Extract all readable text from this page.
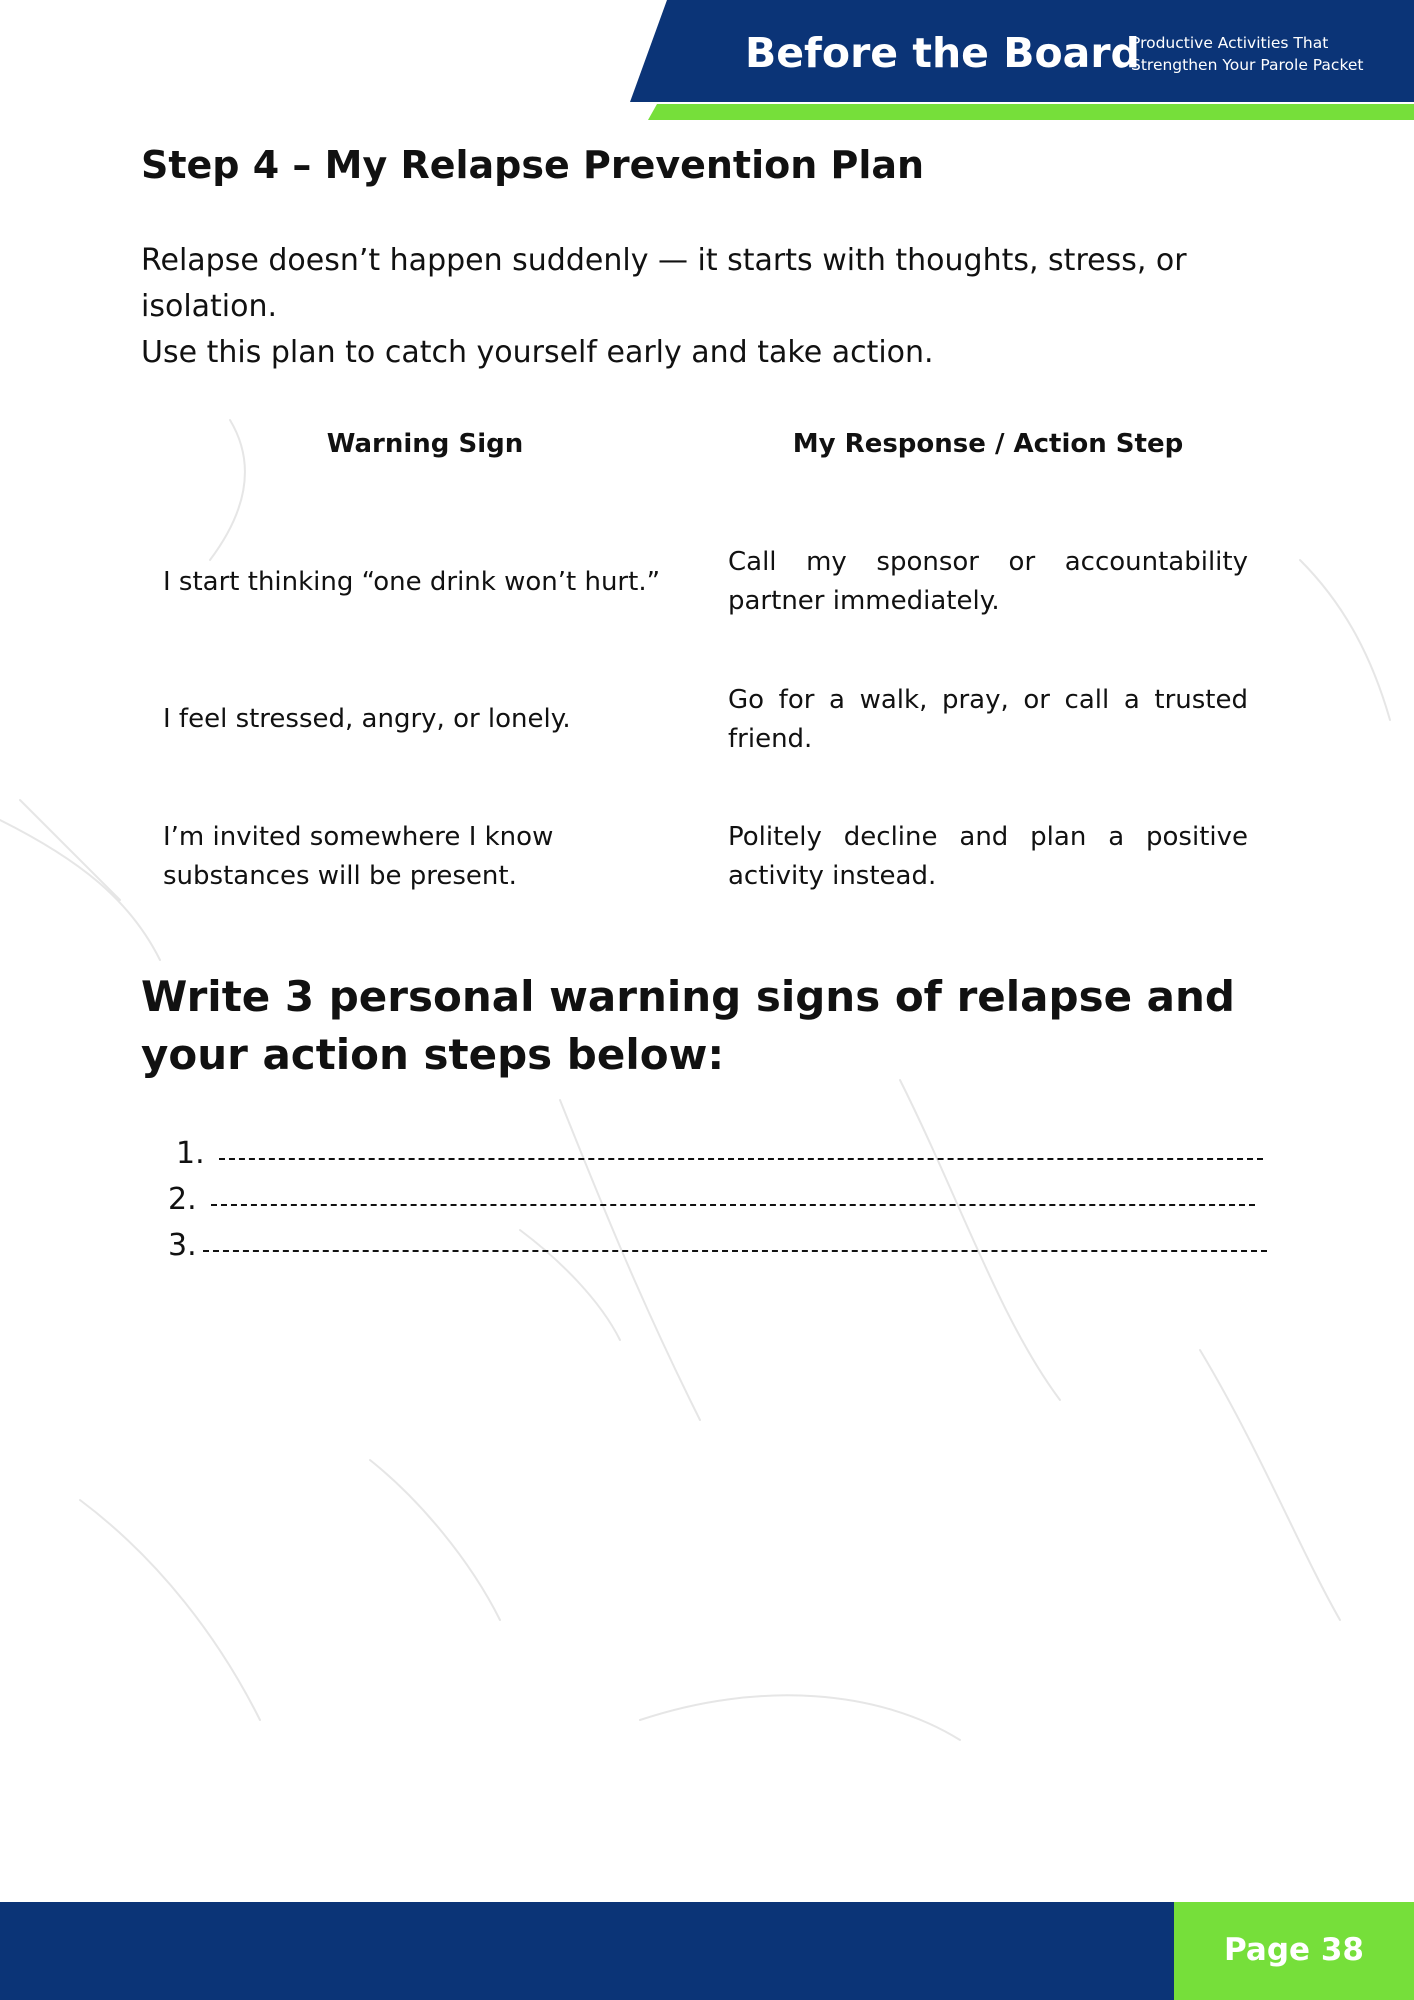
Before the Board
Productive Activities That
Strengthen Your Parole Packet
Step 4 – My Relapse Prevention Plan
Relapse doesn’t happen suddenly — it starts with thoughts, stress, or isolation.
Use this plan to catch yourself early and take action.
Warning Sign	My Response / Action Step
I start thinking “one drink won’t hurt.”
Call my sponsor or accountability partner immediately.
I feel stressed, angry, or lonely.
Go for a walk, pray, or call a trusted friend.
I’m invited somewhere I know substances will be present.
Politely decline and plan a positive activity instead.
Write 3 personal warning signs of relapse and your action steps below:
1.
2.
3.
Page 38
